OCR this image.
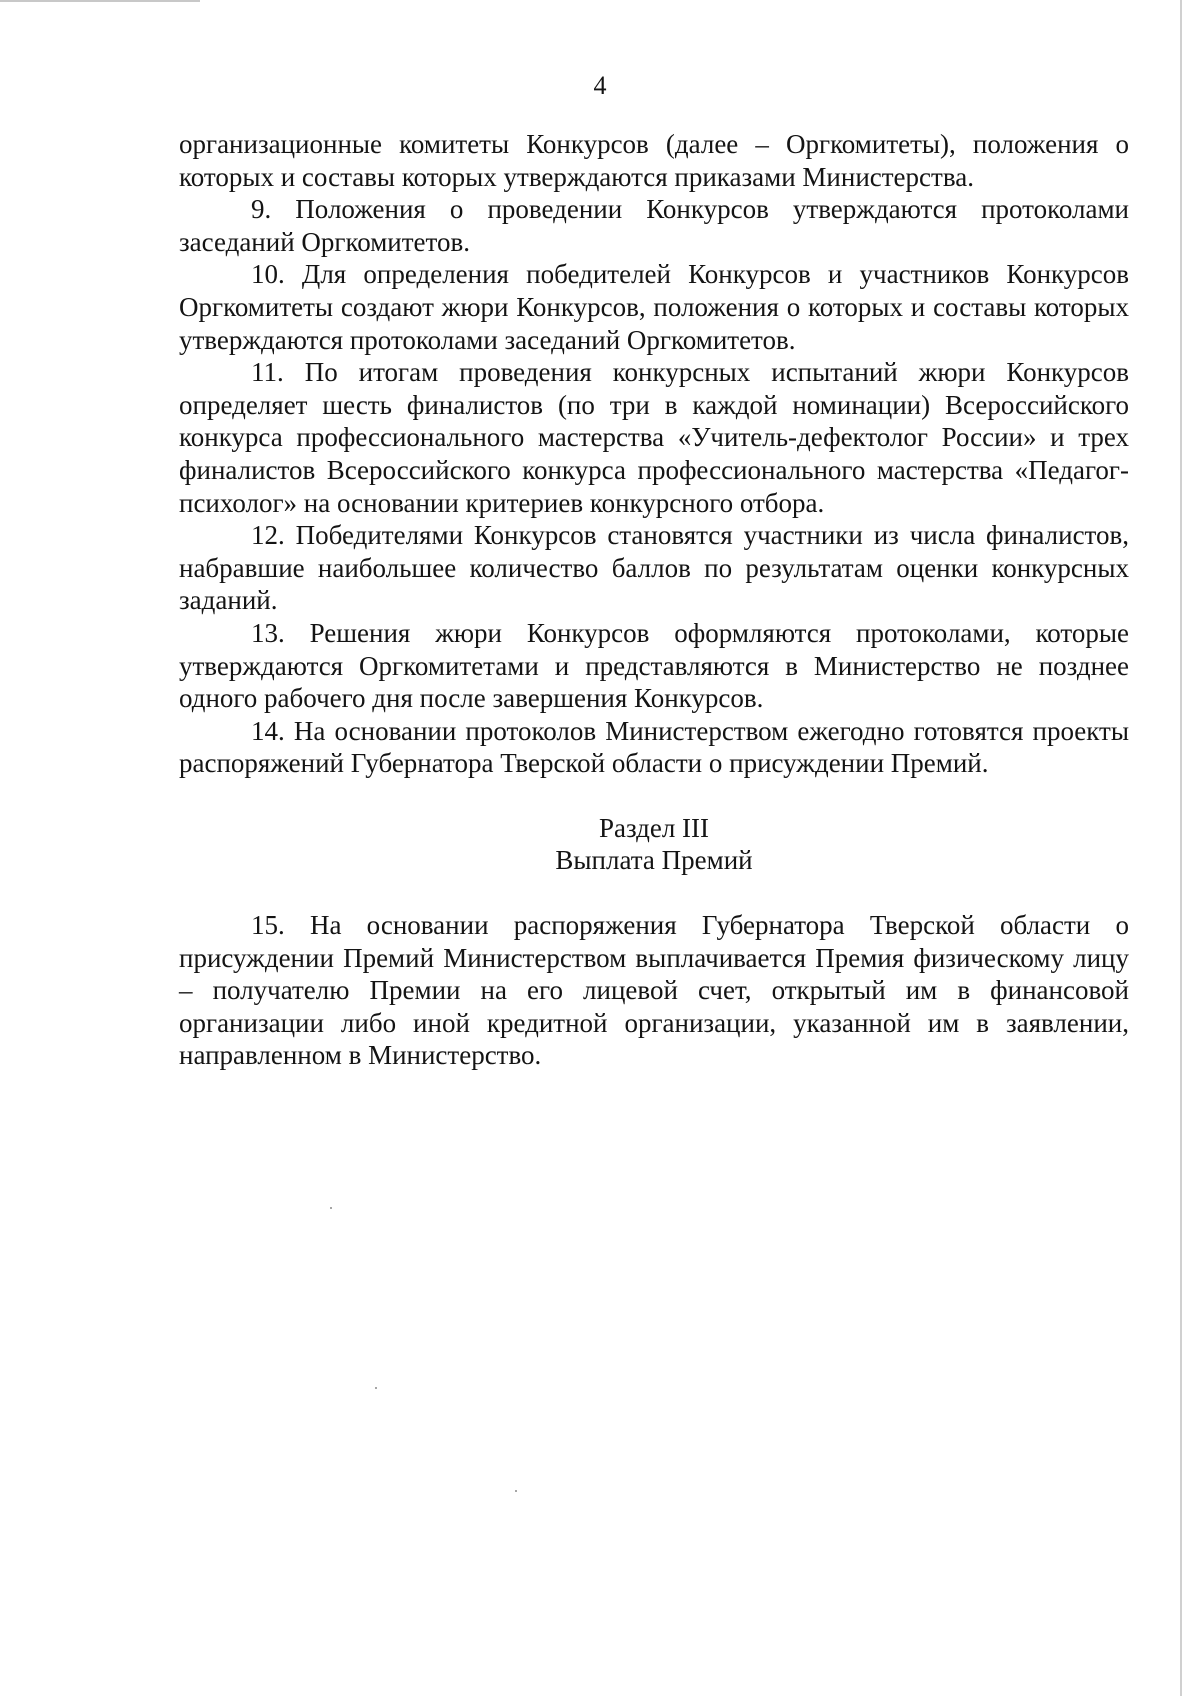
4

организационные комитеты Конкурсов (далее – Оргкомитеты), положения о которых и составы которых утверждаются приказами Министерства.

9. Положения о проведении Конкурсов утверждаются протоколами заседаний Оргкомитетов.

10. Для определения победителей Конкурсов и участников Конкурсов Оргкомитеты создают жюри Конкурсов, положения о которых и составы которых утверждаются протоколами заседаний Оргкомитетов.

11. По итогам проведения конкурсных испытаний жюри Конкурсов определяет шесть финалистов (по три в каждой номинации) Всероссийского конкурса профессионального мастерства «Учитель-дефектолог России» и трех финалистов Всероссийского конкурса профессионального мастерства «Педагог-психолог» на основании критериев конкурсного отбора.

12. Победителями Конкурсов становятся участники из числа финалистов, набравшие наибольшее количество баллов по результатам оценки конкурсных заданий.

13. Решения жюри Конкурсов оформляются протоколами, которые утверждаются Оргкомитетами и представляются в Министерство не позднее одного рабочего дня после завершения Конкурсов.

14. На основании протоколов Министерством ежегодно готовятся проекты распоряжений Губернатора Тверской области о присуждении Премий.

Раздел III
Выплата Премий

15. На основании распоряжения Губернатора Тверской области о присуждении Премий Министерством выплачивается Премия физическому лицу – получателю Премии на его лицевой счет, открытый им в финансовой организации либо иной кредитной организации, указанной им в заявлении, направленном в Министерство.
